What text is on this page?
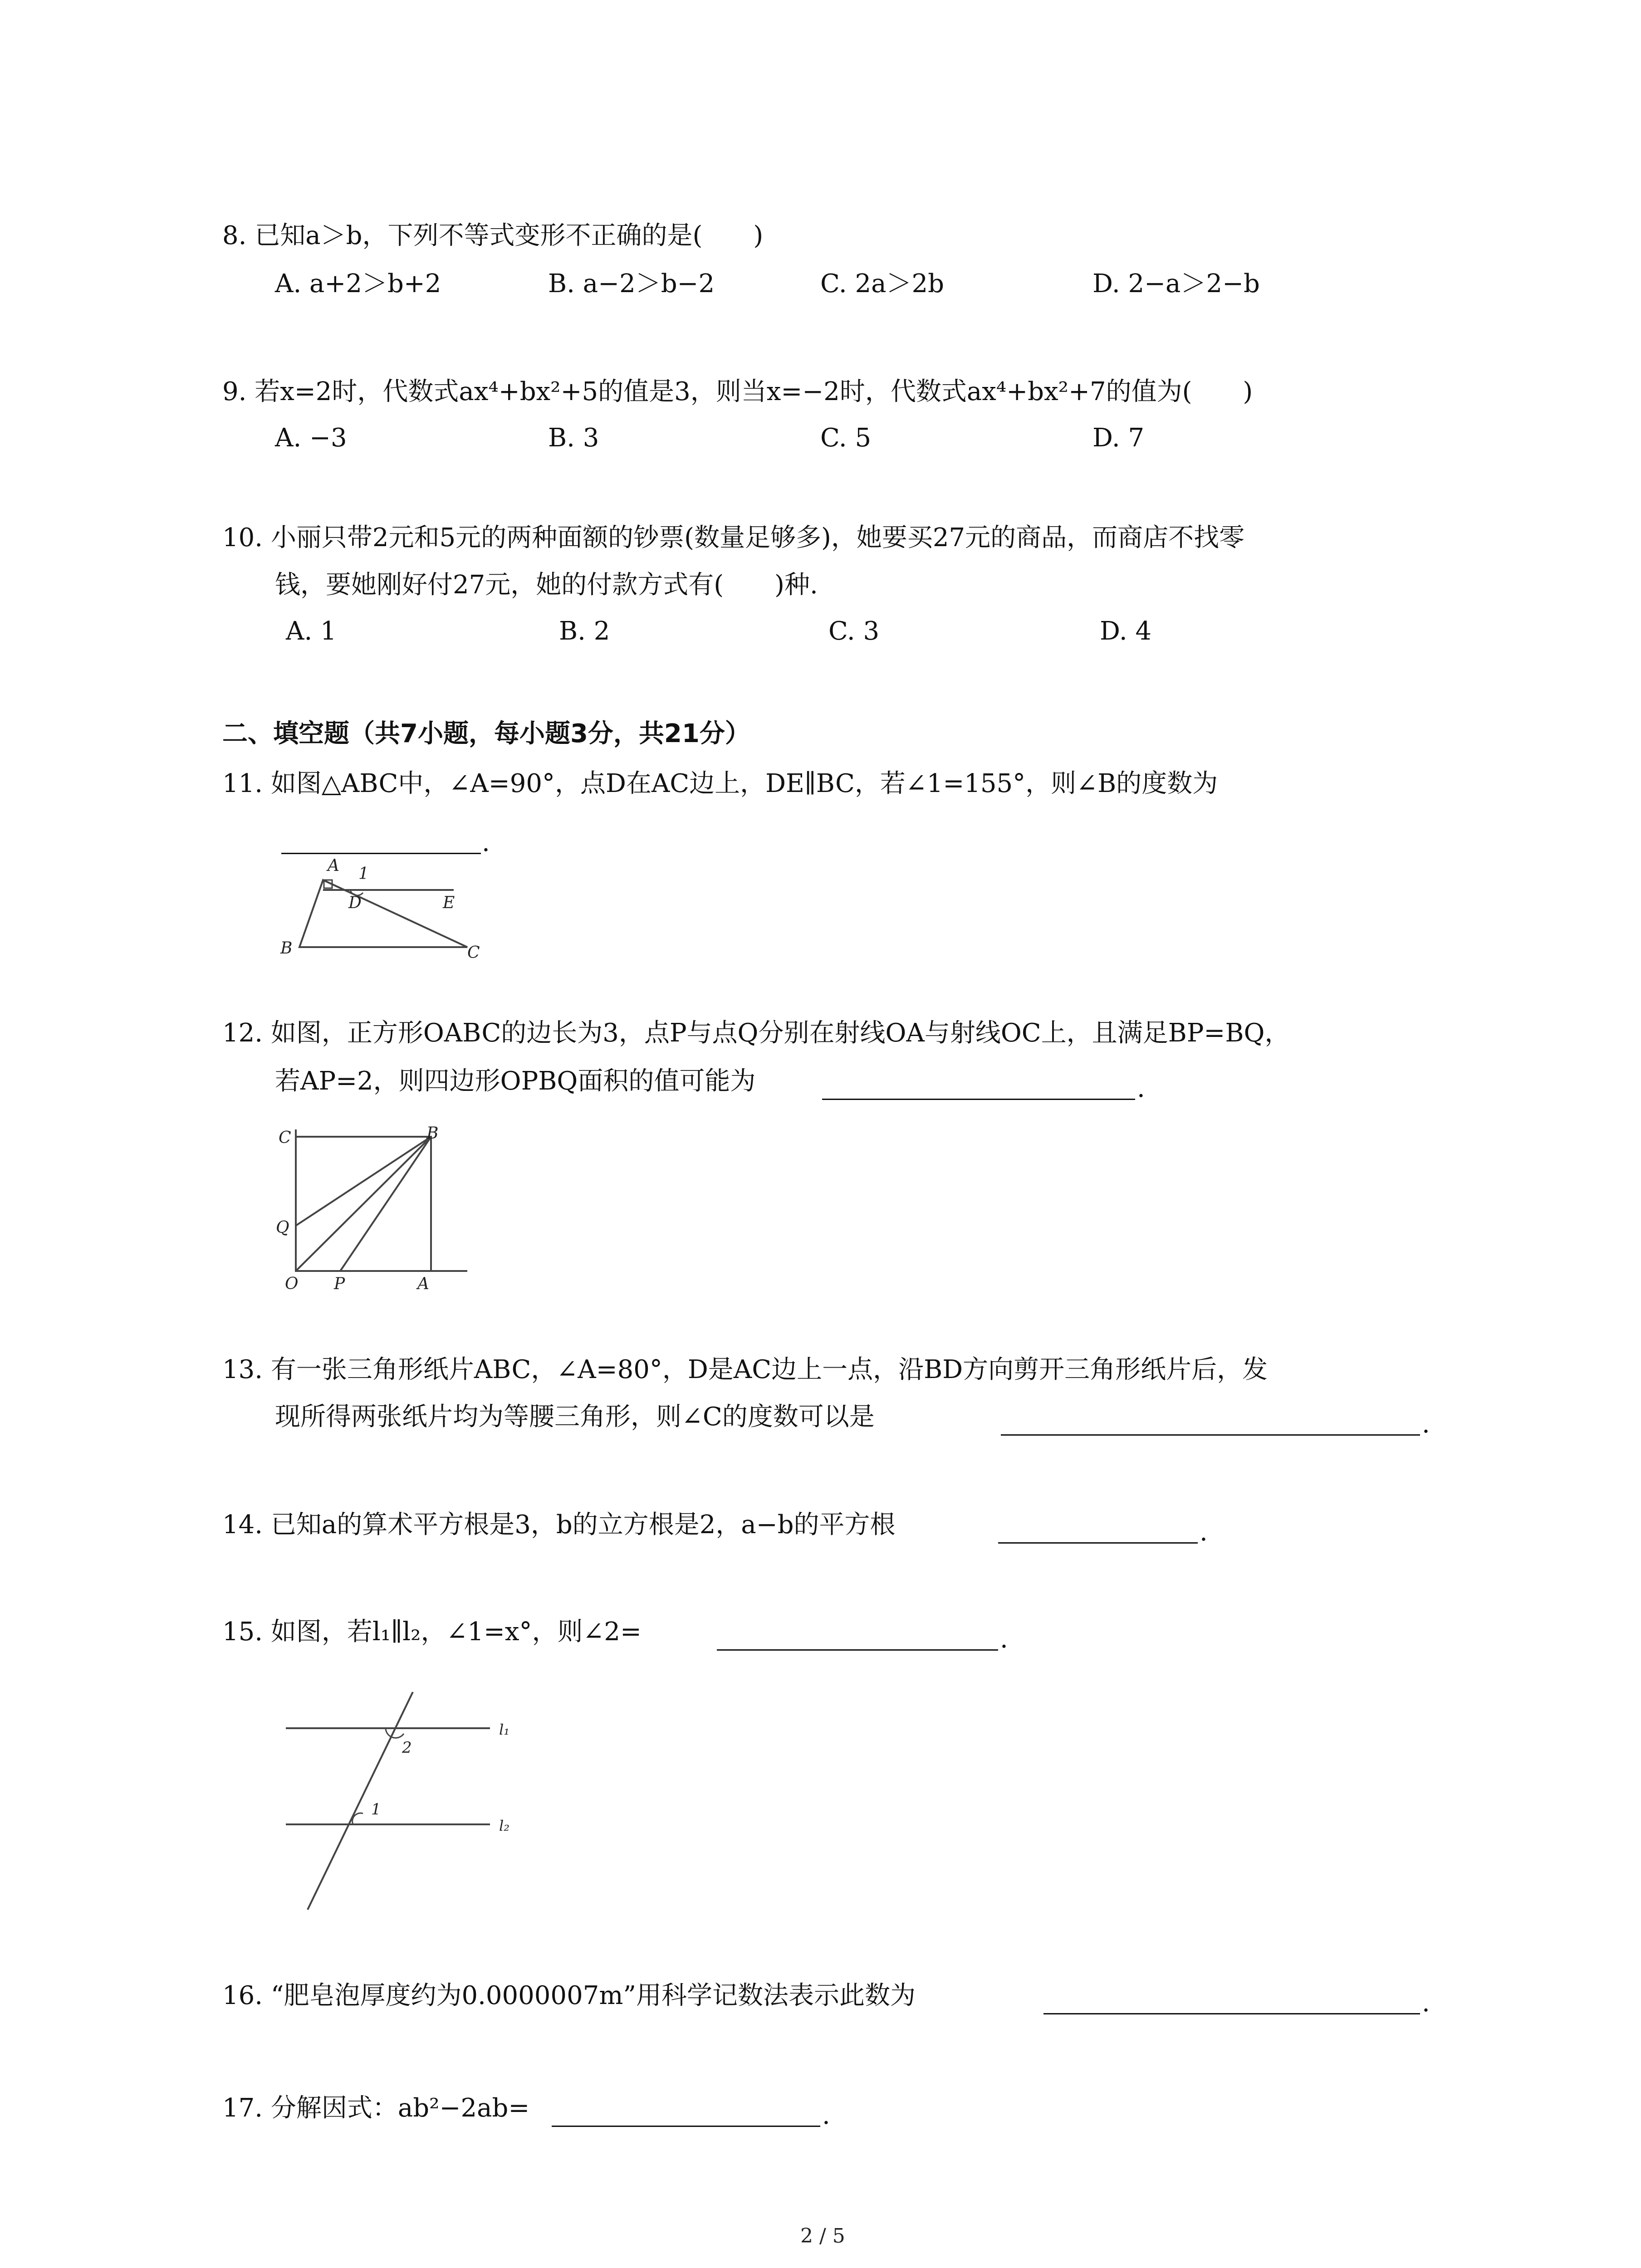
8. 已知a＞b，下列不等式变形不正确的是(　　)
A. a+2＞b+2	B. a−2＞b−2	C. 2a＞2b	D. 2−a＞2−b
9. 若x=2时，代数式ax⁴+bx²+5的值是3，则当x=−2时，代数式ax⁴+bx²+7的值为(　　)
A. −3	B. 3	C. 5	D. 7
10. 小丽只带2元和5元的两种面额的钞票(数量足够多)，她要买27元的商品，而商店不找零
钱，要她刚好付27元，她的付款方式有(　　)种.
A. 1	B. 2	C. 3	D. 4
二、填空题（共7小题，每小题3分，共21分）
11. 如图△ABC中，∠A=90°，点D在AC边上，DE∥BC，若∠1=155°，则∠B的度数为
.
A 1
D	E
B	C
12. 如图，正方形OABC的边长为3，点P与点Q分别在射线OA与射线OC上，且满足BP=BQ，
若AP=2，则四边形OPBQ面积的值可能为	.
C	B
Q
O P	A
13. 有一张三角形纸片ABC，∠A=80°，D是AC边上一点，沿BD方向剪开三角形纸片后，发
现所得两张纸片均为等腰三角形，则∠C的度数可以是	.
14. 已知a的算术平方根是3，b的立方根是2，a−b的平方根	.
15. 如图，若l₁∥l₂，∠1=x°，则∠2=	.
l₁
l₂
1
2
16. “肥皂泡厚度约为0.0000007m”用科学记数法表示此数为	.
17. 分解因式：ab²−2ab=	.
2 / 5
